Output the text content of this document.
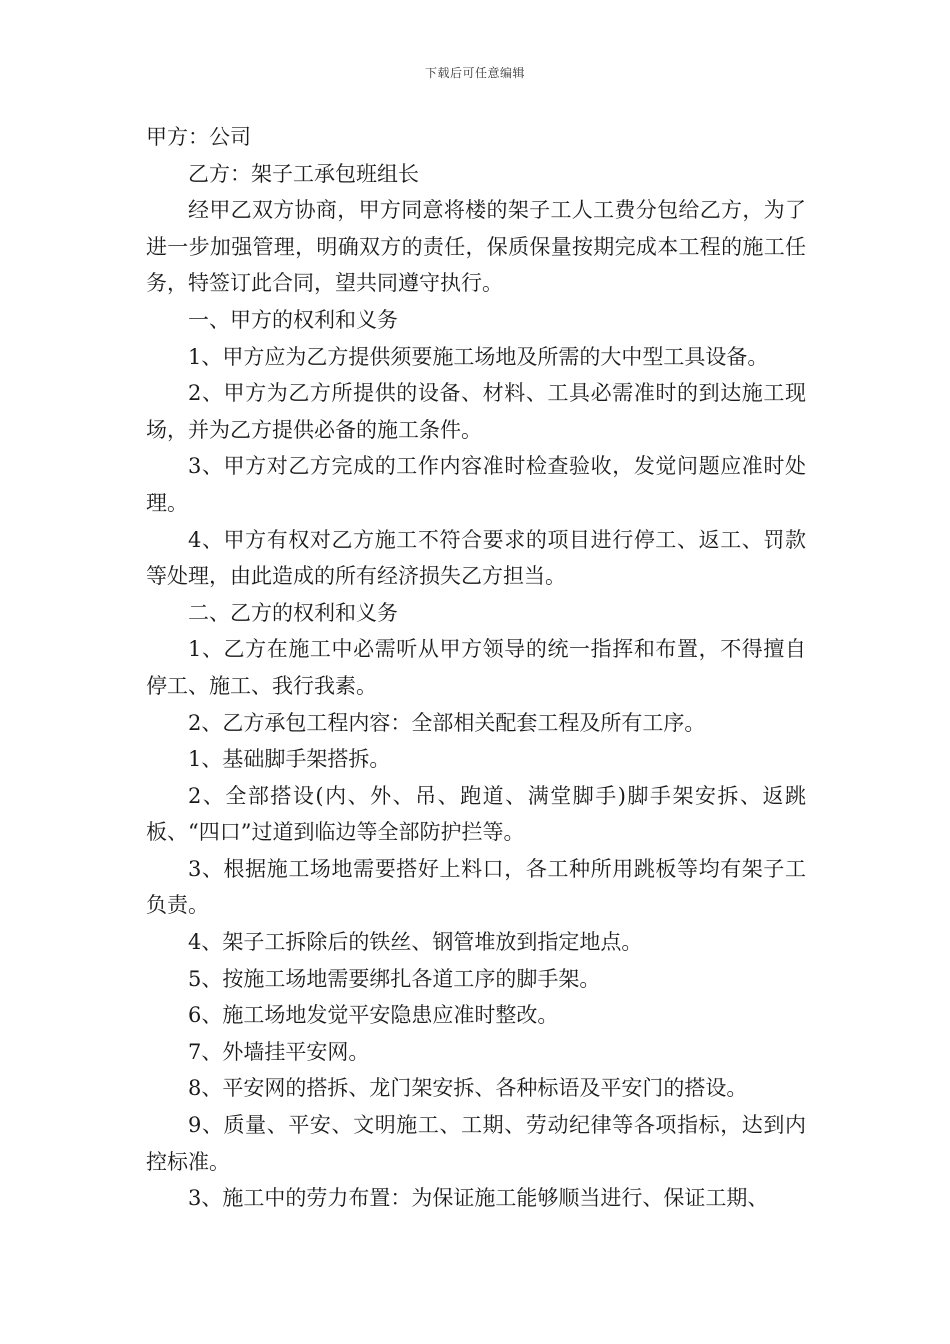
下载后可任意编辑

甲方：公司

乙方：架子工承包班组长

经甲乙双方协商，甲方同意将楼的架子工人工费分包给乙方，为了进一步加强管理，明确双方的责任，保质保量按期完成本工程的施工任务，特签订此合同，望共同遵守执行。

一、甲方的权利和义务

1、甲方应为乙方提供须要施工场地及所需的大中型工具设备。

2、甲方为乙方所提供的设备、材料、工具必需准时的到达施工现场，并为乙方提供必备的施工条件。

3、甲方对乙方完成的工作内容准时检查验收，发觉问题应准时处理。

4、甲方有权对乙方施工不符合要求的项目进行停工、返工、罚款等处理，由此造成的所有经济损失乙方担当。

二、乙方的权利和义务

1、乙方在施工中必需听从甲方领导的统一指挥和布置，不得擅自停工、施工、我行我素。

2、乙方承包工程内容：全部相关配套工程及所有工序。

1、基础脚手架搭拆。

2、全部搭设(内、外、吊、跑道、满堂脚手)脚手架安拆、返跳板、“四口”过道到临边等全部防护拦等。

3、根据施工场地需要搭好上料口，各工种所用跳板等均有架子工负责。

4、架子工拆除后的铁丝、钢管堆放到指定地点。

5、按施工场地需要绑扎各道工序的脚手架。

6、施工场地发觉平安隐患应准时整改。

7、外墙挂平安网。

8、平安网的搭拆、龙门架安拆、各种标语及平安门的搭设。

9、质量、平安、文明施工、工期、劳动纪律等各项指标，达到内控标准。

3、施工中的劳力布置：为保证施工能够顺当进行、保证工期、
